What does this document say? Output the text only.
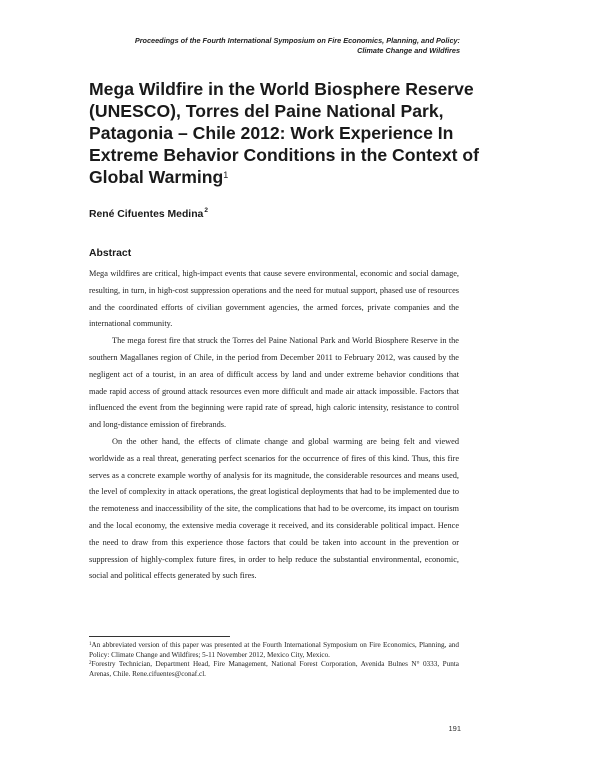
Proceedings of the Fourth International Symposium on Fire Economics, Planning, and Policy:
Climate Change and Wildfires
Mega Wildfire in the World Biosphere Reserve (UNESCO), Torres del Paine National Park, Patagonia – Chile 2012: Work Experience In Extreme Behavior Conditions in the Context of Global Warming$^1$
René Cifuentes Medina$^2$
Abstract

Mega wildfires are critical, high-impact events that cause severe environmental, economic and social damage, resulting, in turn, in high-cost suppression operations and the need for mutual support, phased use of resources and the coordinated efforts of civilian government agencies, the armed forces, private companies and the international community.

The mega forest fire that struck the Torres del Paine National Park and World Biosphere Reserve in the southern Magallanes region of Chile, in the period from December 2011 to February 2012, was caused by the negligent act of a tourist, in an area of difficult access by land and under extreme behavior conditions that made rapid access of ground attack resources even more difficult and made air attack impossible. Factors that influenced the event from the beginning were rapid rate of spread, high caloric intensity, resistance to control and long-distance emission of firebrands.

On the other hand, the effects of climate change and global warming are being felt and viewed worldwide as a real threat, generating perfect scenarios for the occurrence of fires of this kind. Thus, this fire serves as a concrete example worthy of analysis for its magnitude, the considerable resources and means used, the level of complexity in attack operations, the great logistical deployments that had to be implemented due to the remoteness and inaccessibility of the site, the complications that had to be overcome, its impact on tourism and the local economy, the extensive media coverage it received, and its considerable political impact. Hence the need to draw from this experience those factors that could be taken into account in the prevention or suppression of highly-complex future fires, in order to help reduce the substantial environmental, economic, social and political effects generated by such fires.

$^1$An abbreviated version of this paper was presented at the Fourth International Symposium on Fire Economics, Planning, and Policy: Climate Change and Wildfires; 5-11 November 2012, Mexico City, Mexico.

$^2$Forestry Technician, Department Head, Fire Management, National Forest Corporation, Avenida Bulnes N° 0333, Punta Arenas, Chile. Rene.cifuentes@conaf.cl.

191
